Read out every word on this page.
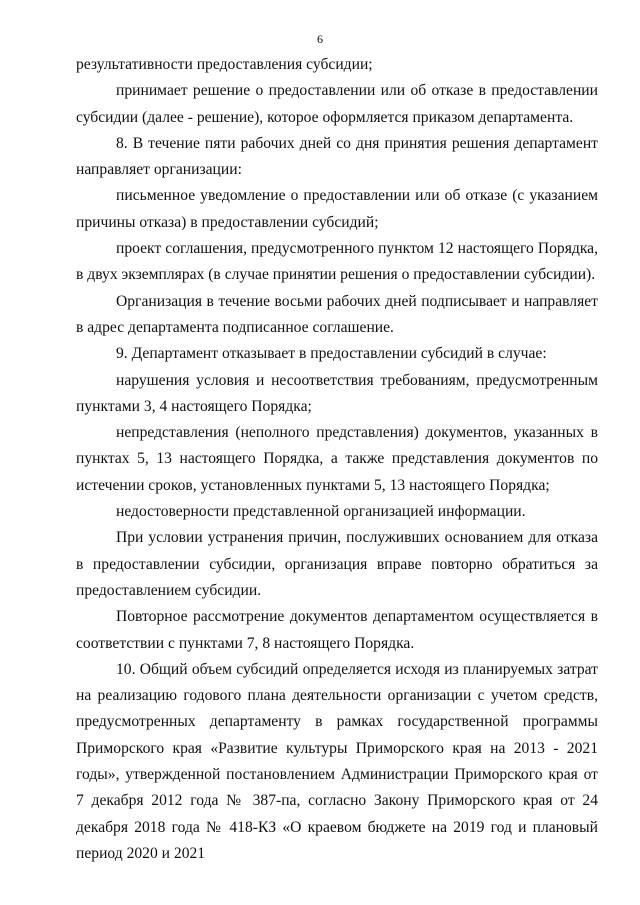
6

результативности предоставления субсидии;

принимает решение о предоставлении или об отказе в предоставлении субсидии (далее - решение), которое оформляется приказом департамента.

8. В течение пяти рабочих дней со дня принятия решения департамент направляет организации:

письменное уведомление о предоставлении или об отказе (с указанием причины отказа) в предоставлении субсидий;

проект соглашения, предусмотренного пунктом 12 настоящего Порядка, в двух экземплярах (в случае принятии решения о предоставлении субсидии).

Организация в течение восьми рабочих дней подписывает и направляет в адрес департамента подписанное соглашение.

9. Департамент отказывает в предоставлении субсидий в случае:

нарушения условия и несоответствия требованиям, предусмотренным пунктами 3, 4 настоящего Порядка;

непредставления (неполного представления) документов, указанных в пунктах 5, 13 настоящего Порядка, а также представления документов по истечении сроков, установленных пунктами 5, 13 настоящего Порядка;

недостоверности представленной организацией информации.

При условии устранения причин, послуживших основанием для отказа в предоставлении субсидии, организация вправе повторно обратиться за предоставлением субсидии.

Повторное рассмотрение документов департаментом осуществляется в соответствии с пунктами 7, 8 настоящего Порядка.

10. Общий объем субсидий определяется исходя из планируемых затрат на реализацию годового плана деятельности организации с учетом средств, предусмотренных департаменту в рамках государственной программы Приморского края «Развитие культуры Приморского края на 2013 - 2021 годы», утвержденной постановлением Администрации Приморского края от 7 декабря 2012 года № 387-па, согласно Закону Приморского края от 24 декабря 2018 года № 418-КЗ «О краевом бюджете на 2019 год и плановый период 2020 и 2021
